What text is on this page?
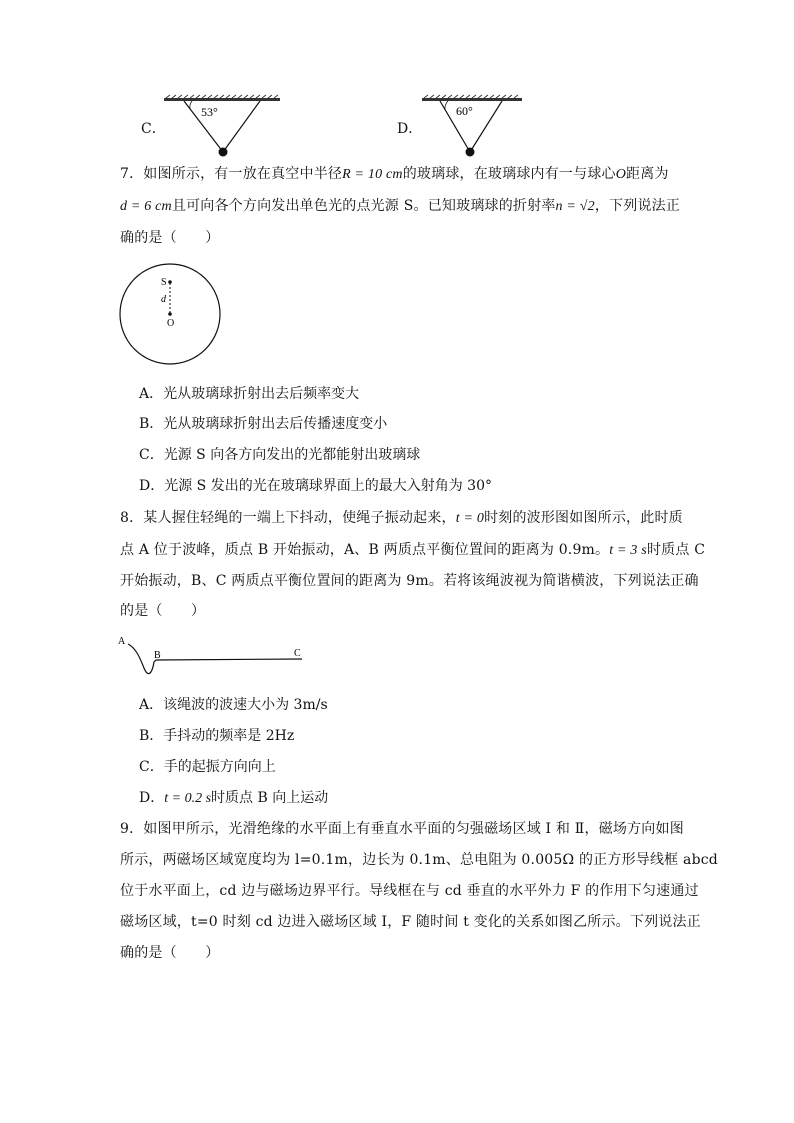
C．
53°
D．
60°
7．如图所示，有一放在真空中半径R = 10 cm的玻璃球，在玻璃球内有一与球心O距离为
d = 6 cm且可向各个方向发出单色光的点光源 S。已知玻璃球的折射率n = √2，下列说法正
确的是（　　）
S
d
O
A．光从玻璃球折射出去后频率变大
B．光从玻璃球折射出去后传播速度变小
C．光源 S 向各方向发出的光都能射出玻璃球
D．光源 S 发出的光在玻璃球界面上的最大入射角为 30°
8．某人握住轻绳的一端上下抖动，使绳子振动起来，t = 0时刻的波形图如图所示，此时质
点 A 位于波峰，质点 B 开始振动，A、B 两质点平衡位置间的距离为 0.9m。t = 3 s时质点 C
开始振动，B、C 两质点平衡位置间的距离为 9m。若将该绳波视为简谐横波，下列说法正确
的是（　　）
A
B	C
A．该绳波的波速大小为 3m/s
B．手抖动的频率是 2Hz
C．手的起振方向向上
D．t = 0.2 s时质点 B 向上运动
9．如图甲所示，光滑绝缘的水平面上有垂直水平面的匀强磁场区域 Ⅰ 和 Ⅱ，磁场方向如图
所示，两磁场区域宽度均为 l=0.1m，边长为 0.1m、总电阻为 0.005Ω 的正方形导线框 abcd
位于水平面上，cd 边与磁场边界平行。导线框在与 cd 垂直的水平外力 F 的作用下匀速通过
磁场区域，t=0 时刻 cd 边进入磁场区域 Ⅰ，F 随时间 t 变化的关系如图乙所示。下列说法正
确的是（　　）
